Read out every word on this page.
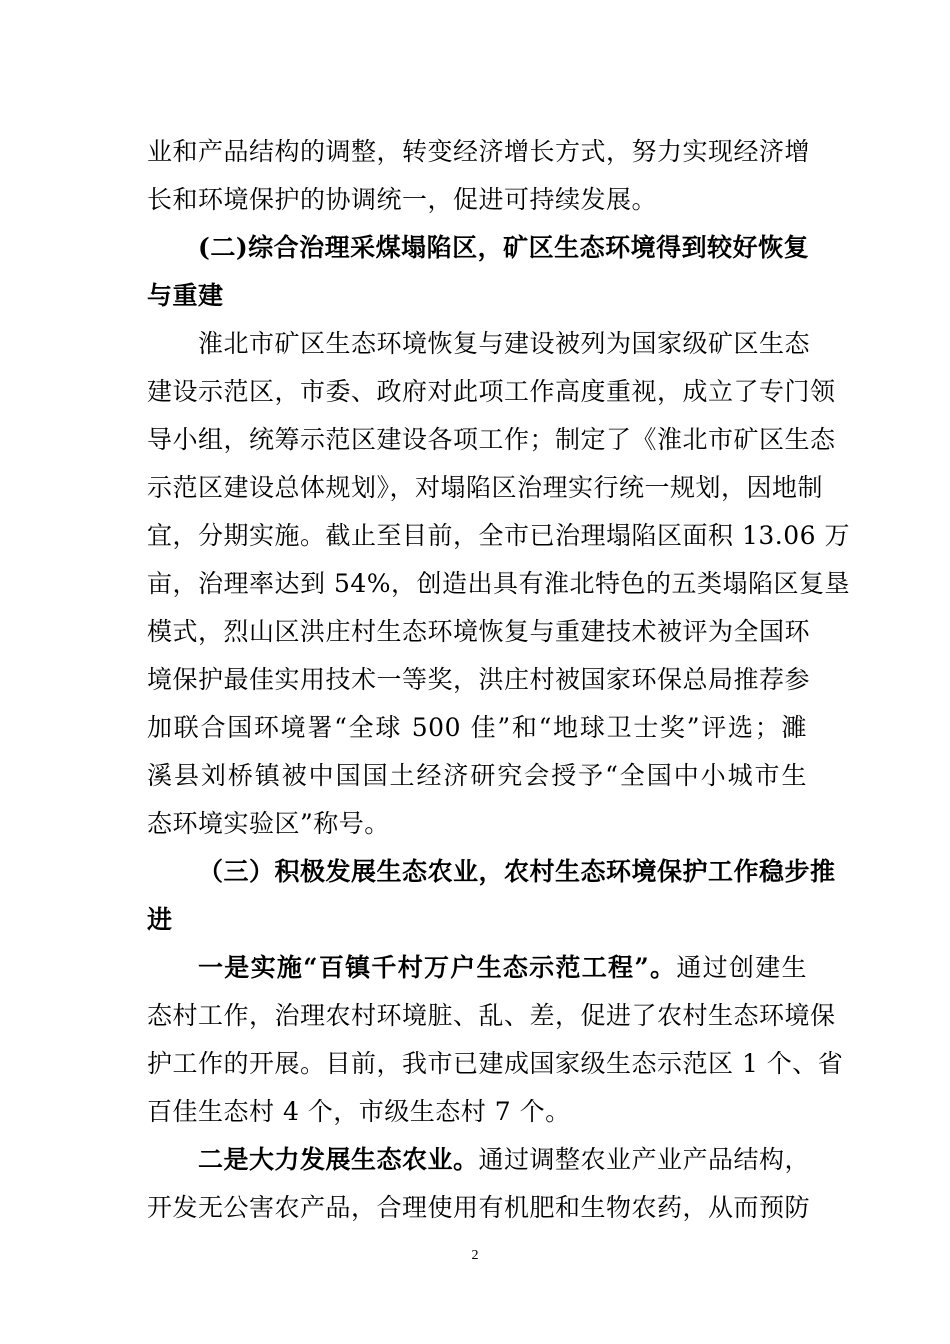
业和产品结构的调整，转变经济增长方式，努力实现经济增
长和环境保护的协调统一，促进可持续发展。
(二)综合治理采煤塌陷区，矿区生态环境得到较好恢复
与重建
淮北市矿区生态环境恢复与建设被列为国家级矿区生态
建设示范区，市委、政府对此项工作高度重视，成立了专门领
导小组，统筹示范区建设各项工作；制定了《淮北市矿区生态
示范区建设总体规划》，对塌陷区治理实行统一规划，因地制
宜，分期实施。截止至目前，全市已治理塌陷区面积 13.06 万
亩，治理率达到 54%，创造出具有淮北特色的五类塌陷区复垦
模式，烈山区洪庄村生态环境恢复与重建技术被评为全国环
境保护最佳实用技术一等奖，洪庄村被国家环保总局推荐参
加联合国环境署“全球 500 佳”和“地球卫士奖”评选；濉
溪县刘桥镇被中国国土经济研究会授予“全国中小城市生
态环境实验区”称号。
（三）积极发展生态农业，农村生态环境保护工作稳步推
进
一是实施“百镇千村万户生态示范工程”。通过创建生
态村工作，治理农村环境脏、乱、差，促进了农村生态环境保
护工作的开展。目前，我市已建成国家级生态示范区 1 个、省
百佳生态村 4 个，市级生态村 7 个。
二是大力发展生态农业。通过调整农业产业产品结构，
开发无公害农产品，合理使用有机肥和生物农药，从而预防
2
